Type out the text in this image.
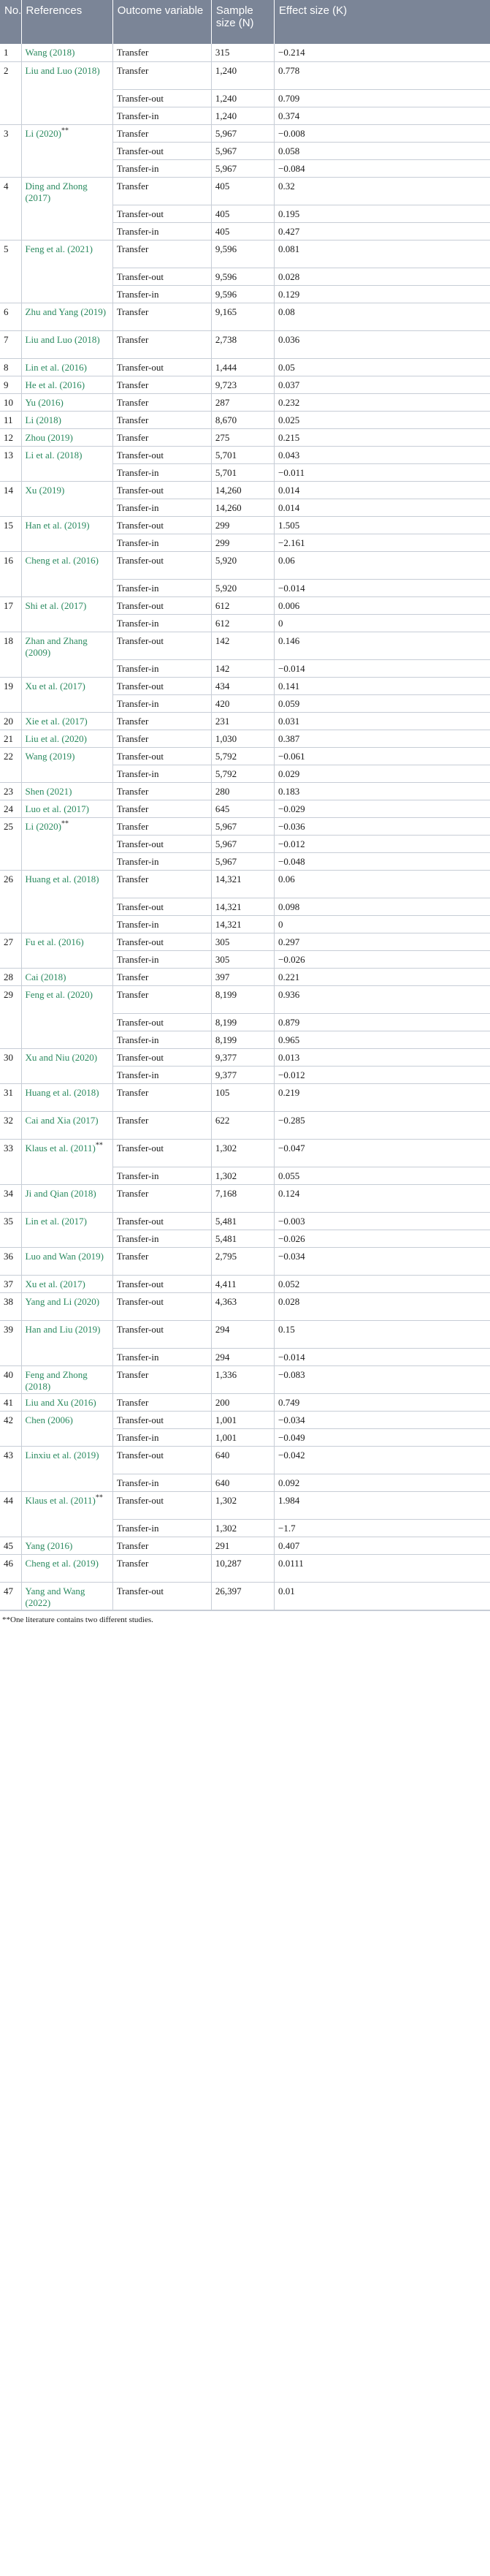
No.	References	Outcome variable	Sample size (N)	Effect size (K)
1	Wang (2018)	Transfer	315	−0.214
2	Liu and Luo (2018)	Transfer	1,240	0.778
		Transfer-out	1,240	0.709
		Transfer-in	1,240	0.374
3	Li (2020)**	Transfer	5,967	−0.008
		Transfer-out	5,967	0.058
		Transfer-in	5,967	−0.084
4	Ding and Zhong (2017)	Transfer	405	0.32
		Transfer-out	405	0.195
		Transfer-in	405	0.427
5	Feng et al. (2021)	Transfer	9,596	0.081
		Transfer-out	9,596	0.028
		Transfer-in	9,596	0.129
6	Zhu and Yang (2019)	Transfer	9,165	0.08
7	Liu and Luo (2018)	Transfer	2,738	0.036
8	Lin et al. (2016)	Transfer-out	1,444	0.05
9	He et al. (2016)	Transfer	9,723	0.037
10	Yu (2016)	Transfer	287	0.232
11	Li (2018)	Transfer	8,670	0.025
12	Zhou (2019)	Transfer	275	0.215
13	Li et al. (2018)	Transfer-out	5,701	0.043
		Transfer-in	5,701	−0.011
14	Xu (2019)	Transfer-out	14,260	0.014
		Transfer-in	14,260	0.014
15	Han et al. (2019)	Transfer-out	299	1.505
		Transfer-in	299	−2.161
16	Cheng et al. (2016)	Transfer-out	5,920	0.06
		Transfer-in	5,920	−0.014
17	Shi et al. (2017)	Transfer-out	612	0.006
		Transfer-in	612	0
18	Zhan and Zhang (2009)	Transfer-out	142	0.146
		Transfer-in	142	−0.014
19	Xu et al. (2017)	Transfer-out	434	0.141
		Transfer-in	420	0.059
20	Xie et al. (2017)	Transfer	231	0.031
21	Liu et al. (2020)	Transfer	1,030	0.387
22	Wang (2019)	Transfer-out	5,792	−0.061
		Transfer-in	5,792	0.029
23	Shen (2021)	Transfer	280	0.183
24	Luo et al. (2017)	Transfer	645	−0.029
25	Li (2020)**	Transfer	5,967	−0.036
		Transfer-out	5,967	−0.012
		Transfer-in	5,967	−0.048
26	Huang et al. (2018)	Transfer	14,321	0.06
		Transfer-out	14,321	0.098
		Transfer-in	14,321	0
27	Fu et al. (2016)	Transfer-out	305	0.297
		Transfer-in	305	−0.026
28	Cai (2018)	Transfer	397	0.221
29	Feng et al. (2020)	Transfer	8,199	0.936
		Transfer-out	8,199	0.879
		Transfer-in	8,199	0.965
30	Xu and Niu (2020)	Transfer-out	9,377	0.013
		Transfer-in	9,377	−0.012
31	Huang et al. (2018)	Transfer	105	0.219
32	Cai and Xia (2017)	Transfer	622	−0.285
33	Klaus et al. (2011)**	Transfer-out	1,302	−0.047
		Transfer-in	1,302	0.055
34	Ji and Qian (2018)	Transfer	7,168	0.124
35	Lin et al. (2017)	Transfer-out	5,481	−0.003
		Transfer-in	5,481	−0.026
36	Luo and Wan (2019)	Transfer	2,795	−0.034
37	Xu et al. (2017)	Transfer-out	4,411	0.052
38	Yang and Li (2020)	Transfer-out	4,363	0.028
39	Han and Liu (2019)	Transfer-out	294	0.15
		Transfer-in	294	−0.014
40	Feng and Zhong (2018)	Transfer	1,336	−0.083
41	Liu and Xu (2016)	Transfer	200	0.749
42	Chen (2006)	Transfer-out	1,001	−0.034
		Transfer-in	1,001	−0.049
43	Linxiu et al. (2019)	Transfer-out	640	−0.042
		Transfer-in	640	0.092
44	Klaus et al. (2011)**	Transfer-out	1,302	1.984
		Transfer-in	1,302	−1.7
45	Yang (2016)	Transfer	291	0.407
46	Cheng et al. (2019)	Transfer	10,287	0.0111
47	Yang and Wang (2022)	Transfer-out	26,397	0.01
**One literature contains two different studies.
